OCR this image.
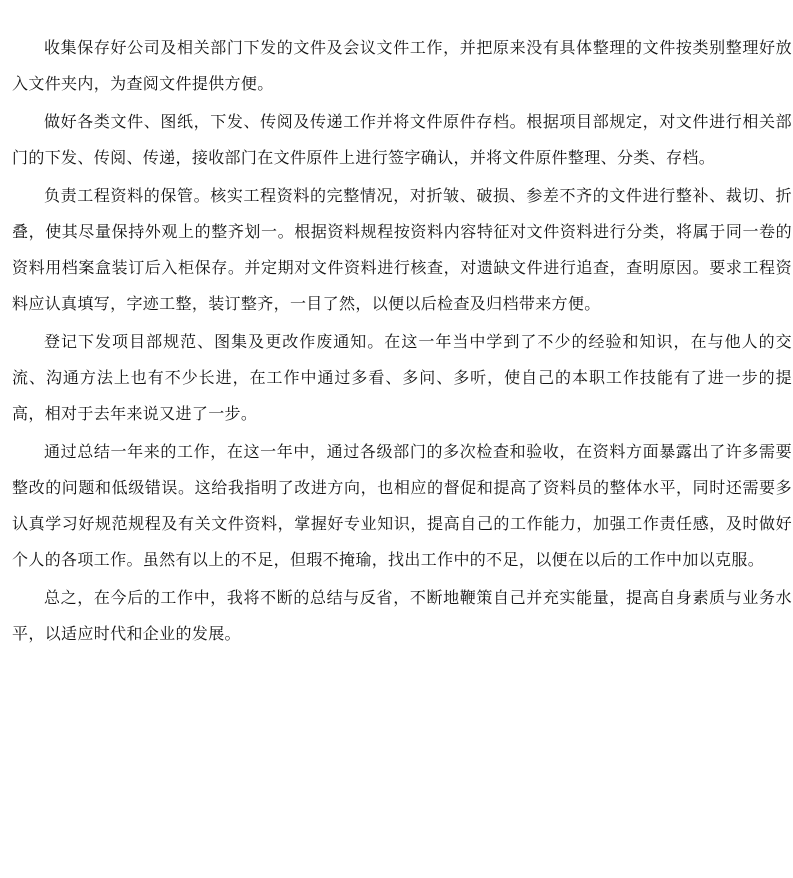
收集保存好公司及相关部门下发的文件及会议文件工作，并把原来没有具体整理的文件按类别整理好放入文件夹内，为查阅文件提供方便。

做好各类文件、图纸，下发、传阅及传递工作并将文件原件存档。根据项目部规定，对文件进行相关部门的下发、传阅、传递，接收部门在文件原件上进行签字确认，并将文件原件整理、分类、存档。

负责工程资料的保管。核实工程资料的完整情况，对折皱、破损、参差不齐的文件进行整补、裁切、折叠，使其尽量保持外观上的整齐划一。根据资料规程按资料内容特征对文件资料进行分类，将属于同一卷的资料用档案盒装订后入柜保存。并定期对文件资料进行核查，对遗缺文件进行追查，查明原因。要求工程资料应认真填写，字迹工整，装订整齐，一目了然，以便以后检查及归档带来方便。

登记下发项目部规范、图集及更改作废通知。在这一年当中学到了不少的经验和知识，在与他人的交流、沟通方法上也有不少长进，在工作中通过多看、多问、多听，使自己的本职工作技能有了进一步的提高，相对于去年来说又进了一步。

通过总结一年来的工作，在这一年中，通过各级部门的多次检查和验收，在资料方面暴露出了许多需要整改的问题和低级错误。这给我指明了改进方向，也相应的督促和提高了资料员的整体水平，同时还需要多认真学习好规范规程及有关文件资料，掌握好专业知识，提高自己的工作能力，加强工作责任感，及时做好个人的各项工作。虽然有以上的不足，但瑕不掩瑜，找出工作中的不足，以便在以后的工作中加以克服。

总之，在今后的工作中，我将不断的总结与反省，不断地鞭策自己并充实能量，提高自身素质与业务水平，以适应时代和企业的发展。
